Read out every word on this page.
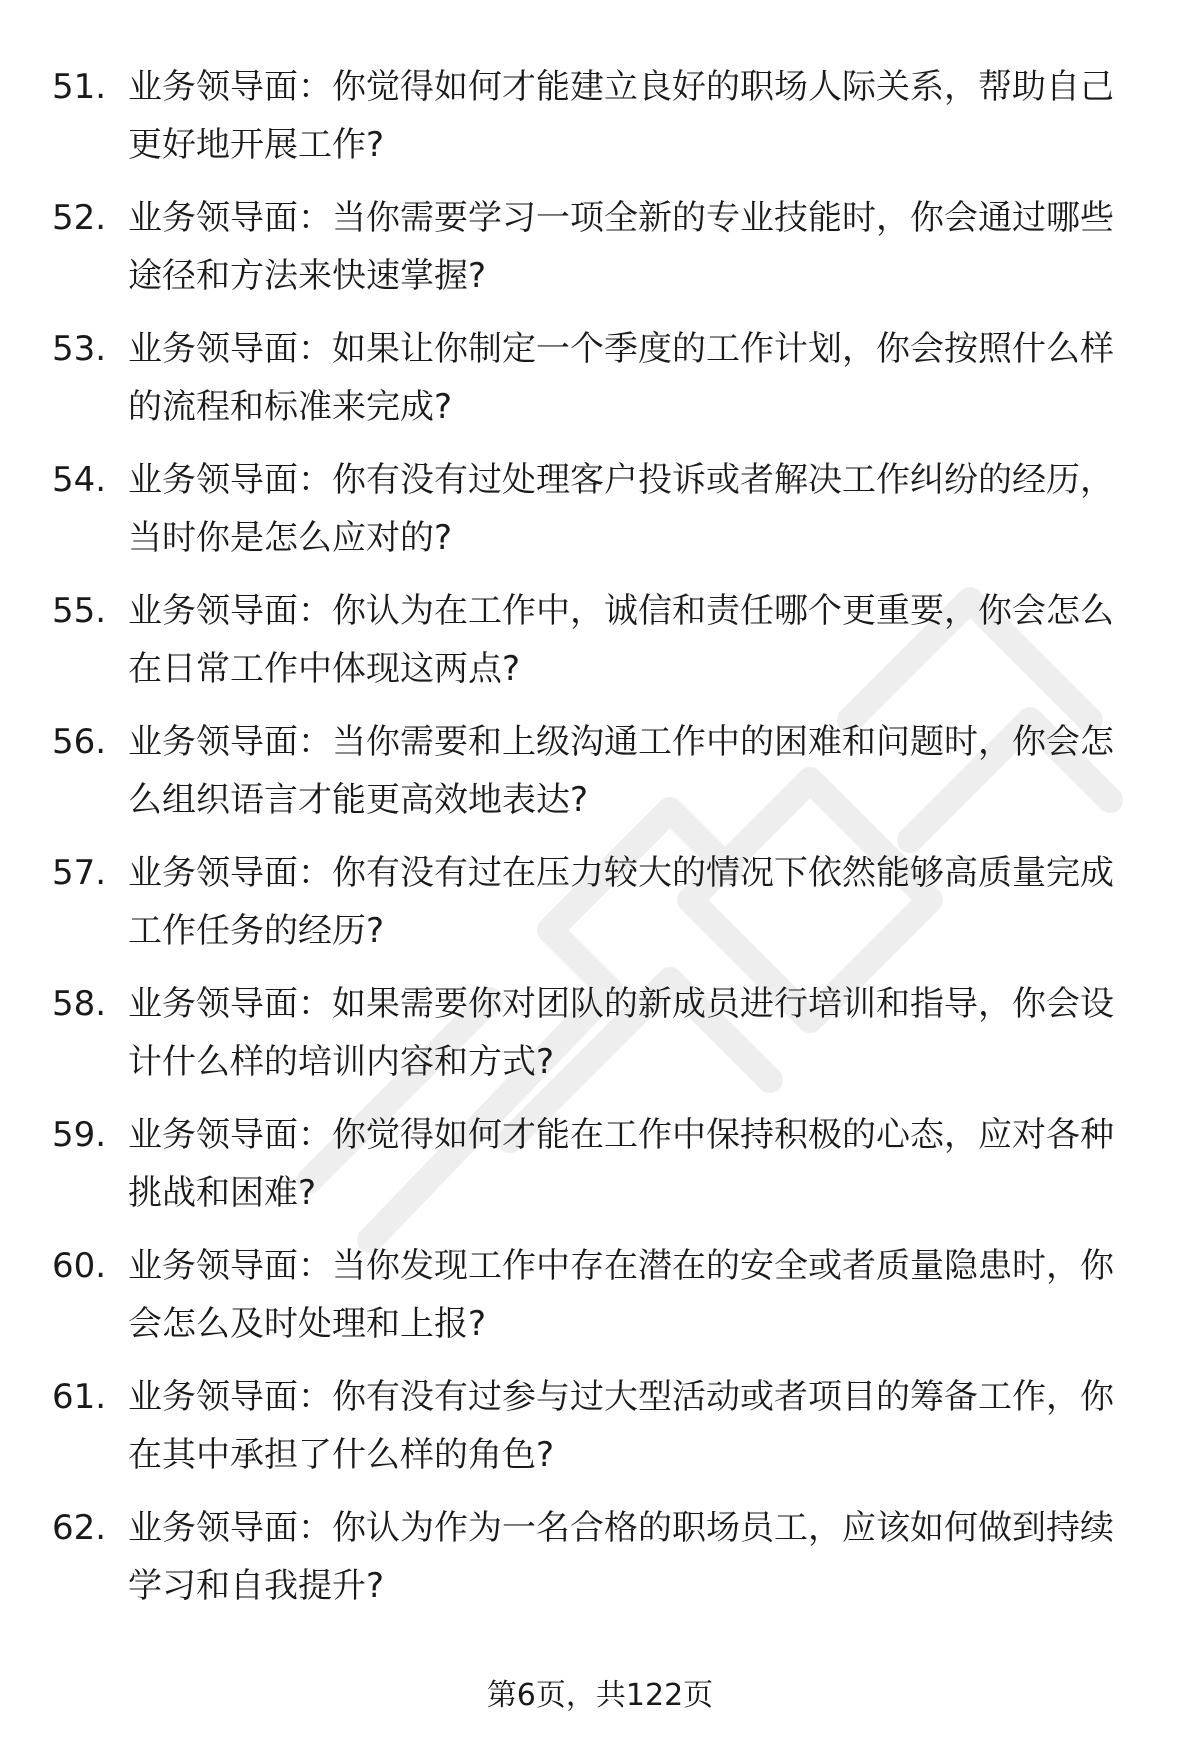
51. 业务领导面：你觉得如何才能建立良好的职场人际关系，帮助自己更好地开展工作?

52. 业务领导面：当你需要学习一项全新的专业技能时，你会通过哪些途径和方法来快速掌握?

53. 业务领导面：如果让你制定一个季度的工作计划，你会按照什么样的流程和标准来完成?

54. 业务领导面：你有没有过处理客户投诉或者解决工作纠纷的经历，当时你是怎么应对的?

55. 业务领导面：你认为在工作中，诚信和责任哪个更重要，你会怎么在日常工作中体现这两点?

56. 业务领导面：当你需要和上级沟通工作中的困难和问题时，你会怎么组织语言才能更高效地表达?

57. 业务领导面：你有没有过在压力较大的情况下依然能够高质量完成工作任务的经历?

58. 业务领导面：如果需要你对团队的新成员进行培训和指导，你会设计什么样的培训内容和方式?

59. 业务领导面：你觉得如何才能在工作中保持积极的心态，应对各种挑战和困难?

60. 业务领导面：当你发现工作中存在潜在的安全或者质量隐患时，你会怎么及时处理和上报?

61. 业务领导面：你有没有过参与过大型活动或者项目的筹备工作，你在其中承担了什么样的角色?

62. 业务领导面：你认为作为一名合格的职场员工，应该如何做到持续学习和自我提升?

第6页，共122页
